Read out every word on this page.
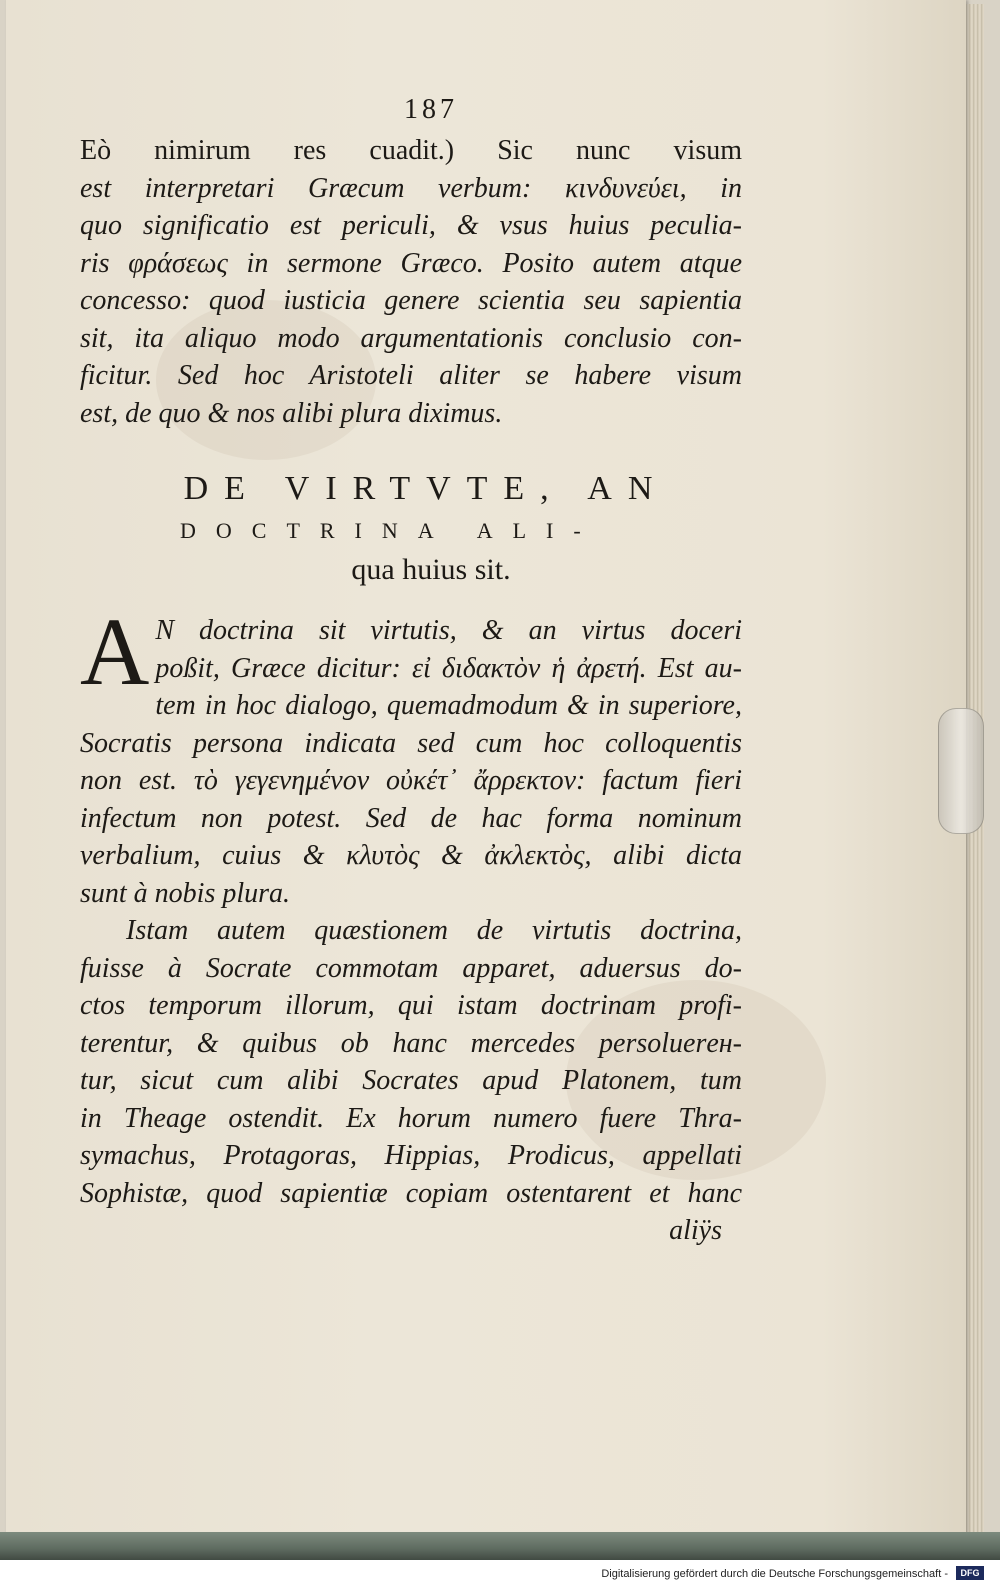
187
Eò nimirum res cuadit.) Sic nunc visum
est interpretari Græcum verbum: κινδυνεύει, in
quo significatio est periculi, & vsus huius peculia-
ris φράσεως in sermone Græco. Posito autem atque
concesso: quod iusticia genere scientia seu sapientia
sit, ita aliquo modo argumentationis conclusio con-
ficitur. Sed hoc Aristoteli aliter se habere visum
est, de quo & nos alibi plura diximus.
DE VIRTVTE, AN
DOCTRINA ALI-
qua huius sit.
A N doctrina sit virtutis, & an virtus doceri
poßit, Græce dicitur: εἰ διδακτὸν ἡ ἀρετή. Est au-
tem in hoc dialogo, quemadmodum & in superiore,
Socratis persona indicata sed cum hoc colloquentis
non est. τὸ γεγενημένον οὐκέτ᾽ ἄρρεκτον: factum fieri
infectum non potest. Sed de hac forma nominum
verbalium, cuius & κλυτὸς & ἀκλεκτὸς, alibi dicta
sunt à nobis plura.
Istam autem quæstionem de virtutis doctrina,
fuisse à Socrate commotam apparet, aduersus do-
ctos temporum illorum, qui istam doctrinam profi-
terentur, & quibus ob hanc mercedes persoluerен-
tur, sicut cum alibi Socrates apud Platonem, tum
in Theage ostendit. Ex horum numero fuere Thra-
symachus, Protagoras, Hippias, Prodicus, appellati
Sophistæ, quod sapientiæ copiam ostentarent et hanc
aliÿs
Digitalisierung gefördert durch die Deutsche Forschungsgemeinschaft -	DFG
